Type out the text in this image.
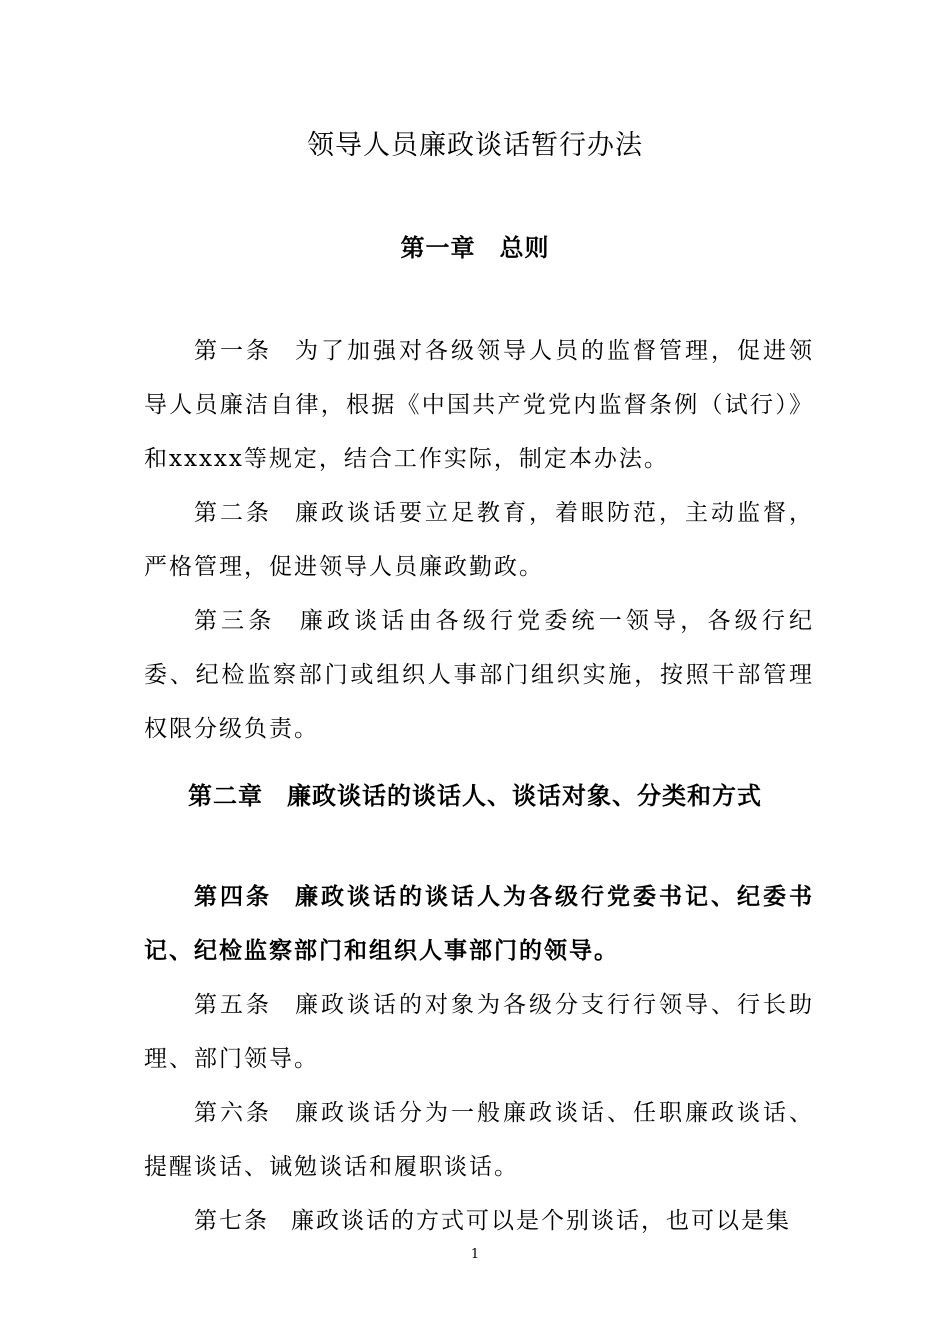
领导人员廉政谈话暂行办法
第一章 总则

第一条 为了加强对各级领导人员的监督管理，促进领导人员廉洁自律，根据《中国共产党党内监督条例（试行）》和xxxxx等规定，结合工作实际，制定本办法。

第二条 廉政谈话要立足教育，着眼防范，主动监督，严格管理，促进领导人员廉政勤政。

第三条 廉政谈话由各级行党委统一领导，各级行纪委、纪检监察部门或组织人事部门组织实施，按照干部管理权限分级负责。

第二章 廉政谈话的谈话人、谈话对象、分类和方式

第四条 廉政谈话的谈话人为各级行党委书记、纪委书记、纪检监察部门和组织人事部门的领导。

第五条 廉政谈话的对象为各级分支行行领导、行长助理、部门领导。

第六条 廉政谈话分为一般廉政谈话、任职廉政谈话、提醒谈话、诫勉谈话和履职谈话。

第七条 廉政谈话的方式可以是个别谈话，也可以是集

1
